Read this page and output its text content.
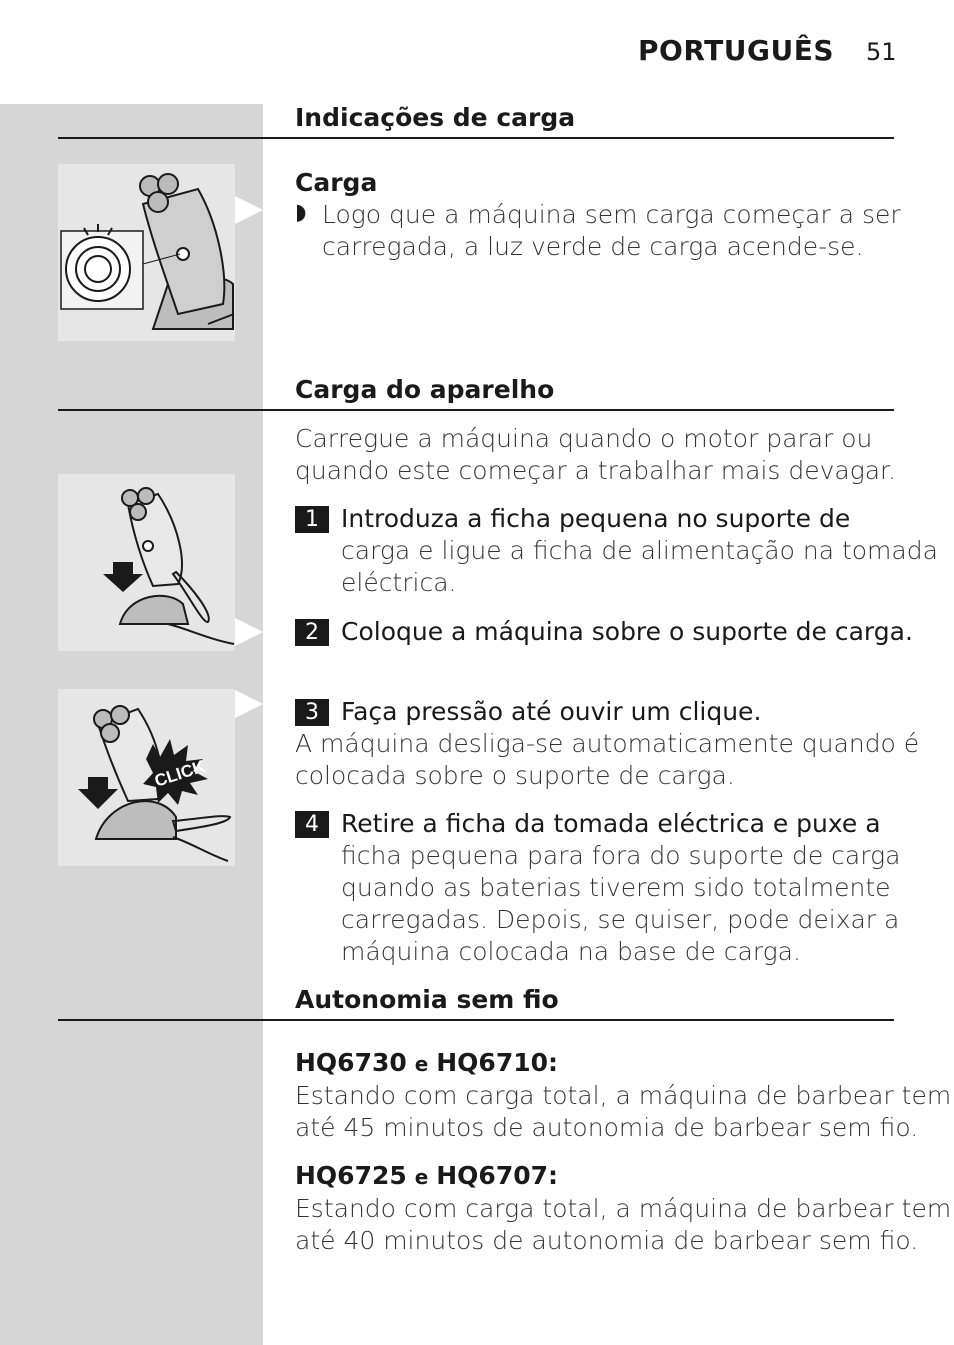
PORTUGUÊS 51
Indicações de carga
Carga
◗ Logo que a máquina sem carga começar a ser
carregada, a luz verde de carga acende-se.
Carga do aparelho
Carregue a máquina quando o motor parar ou
quando este começar a trabalhar mais devagar.
1 Introduza a ficha pequena no suporte de
carga e ligue a ficha de alimentação na tomada
eléctrica.
2 Coloque a máquina sobre o suporte de carga.
CLICK
3 Faça pressão até ouvir um clique.
A máquina desliga-se automaticamente quando é
colocada sobre o suporte de carga.
4 Retire a ficha da tomada eléctrica e puxe a
ficha pequena para fora do suporte de carga
quando as baterias tiverem sido totalmente
carregadas. Depois, se quiser, pode deixar a
máquina colocada na base de carga.
Autonomia sem fio
HQ6730 e HQ6710:
Estando com carga total, a máquina de barbear tem
até 45 minutos de autonomia de barbear sem fio.
HQ6725 e HQ6707:
Estando com carga total, a máquina de barbear tem
até 40 minutos de autonomia de barbear sem fio.
